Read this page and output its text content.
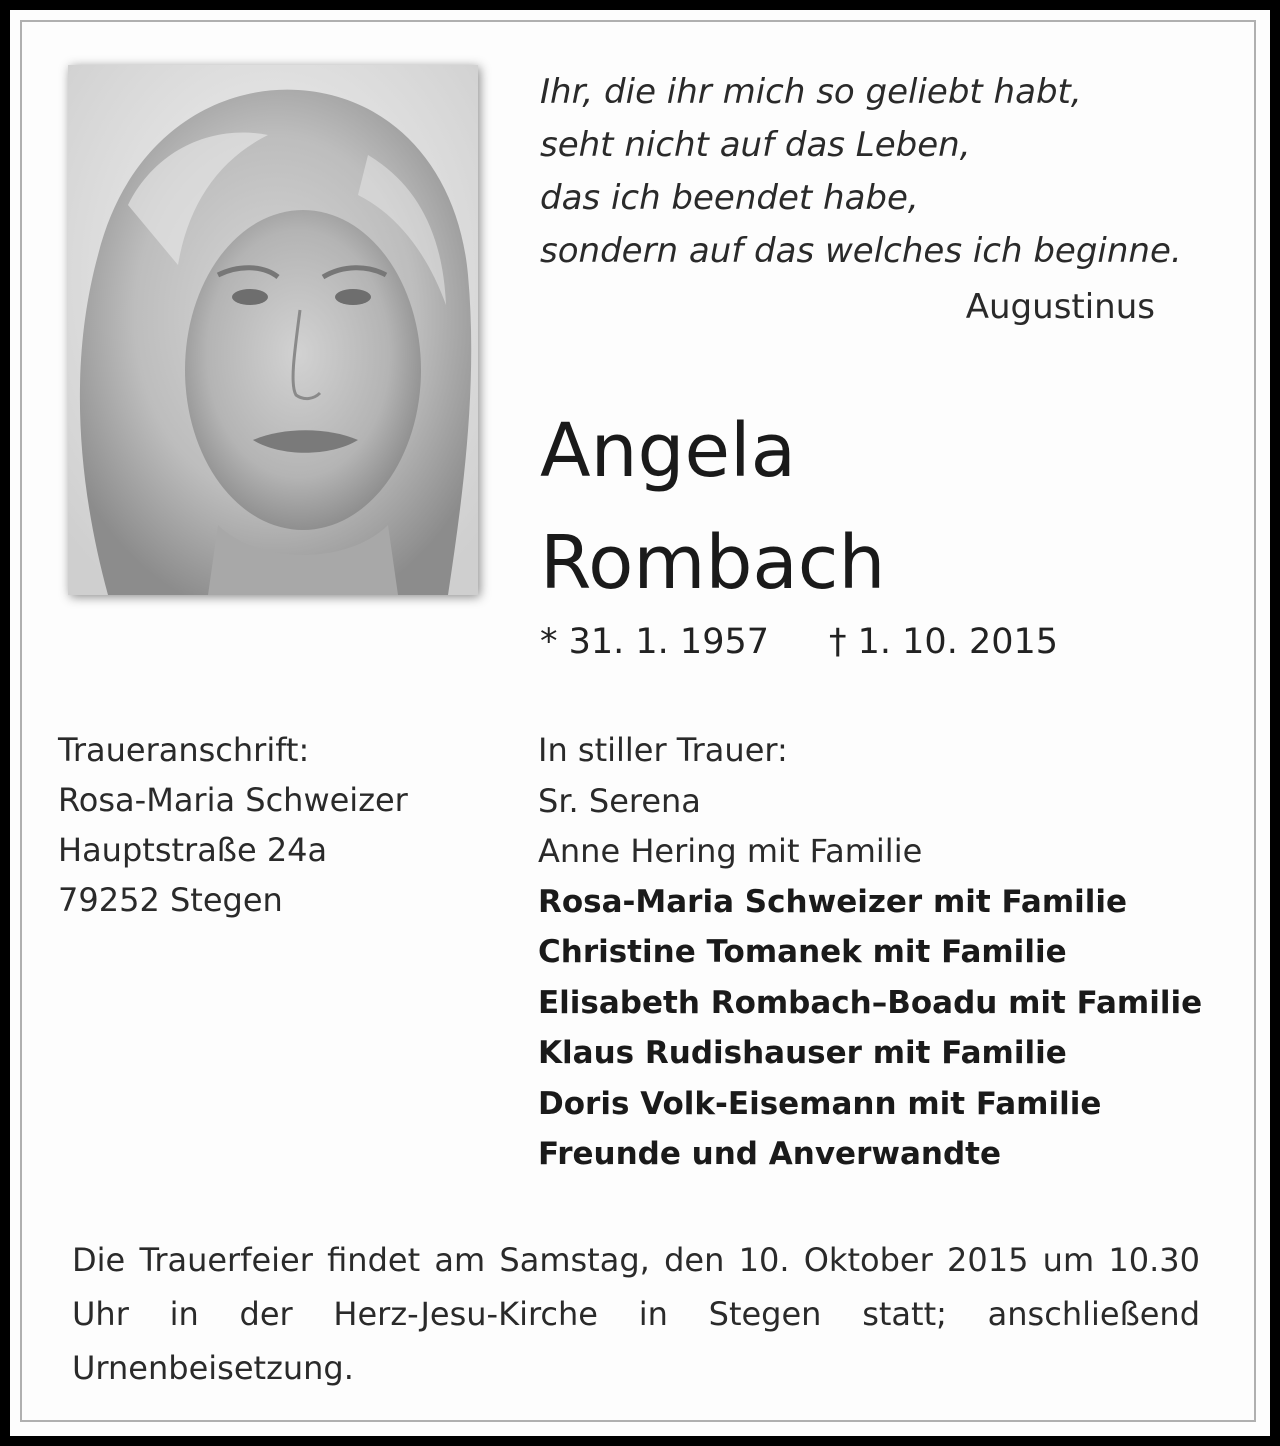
Ihr, die ihr mich so geliebt habt,
seht nicht auf das Leben,
das ich beendet habe,
sondern auf das welches ich beginne.
Augustinus
Angela
Rombach
* 31. 1. 1957 † 1. 10. 2015
Traueranschrift:
Rosa-Maria Schweizer
Hauptstraße 24a
79252 Stegen
In stiller Trauer:
Sr. Serena
Anne Hering mit Familie
Rosa-Maria Schweizer mit Familie
Christine Tomanek mit Familie
Elisabeth Rombach–Boadu mit Familie
Klaus Rudishauser mit Familie
Doris Volk-Eisemann mit Familie
Freunde und Anverwandte
Die Trauerfeier findet am Samstag, den 10. Oktober 2015 um 10.30 Uhr in der Herz-Jesu-Kirche in Stegen statt; anschließend Urnenbeisetzung.
